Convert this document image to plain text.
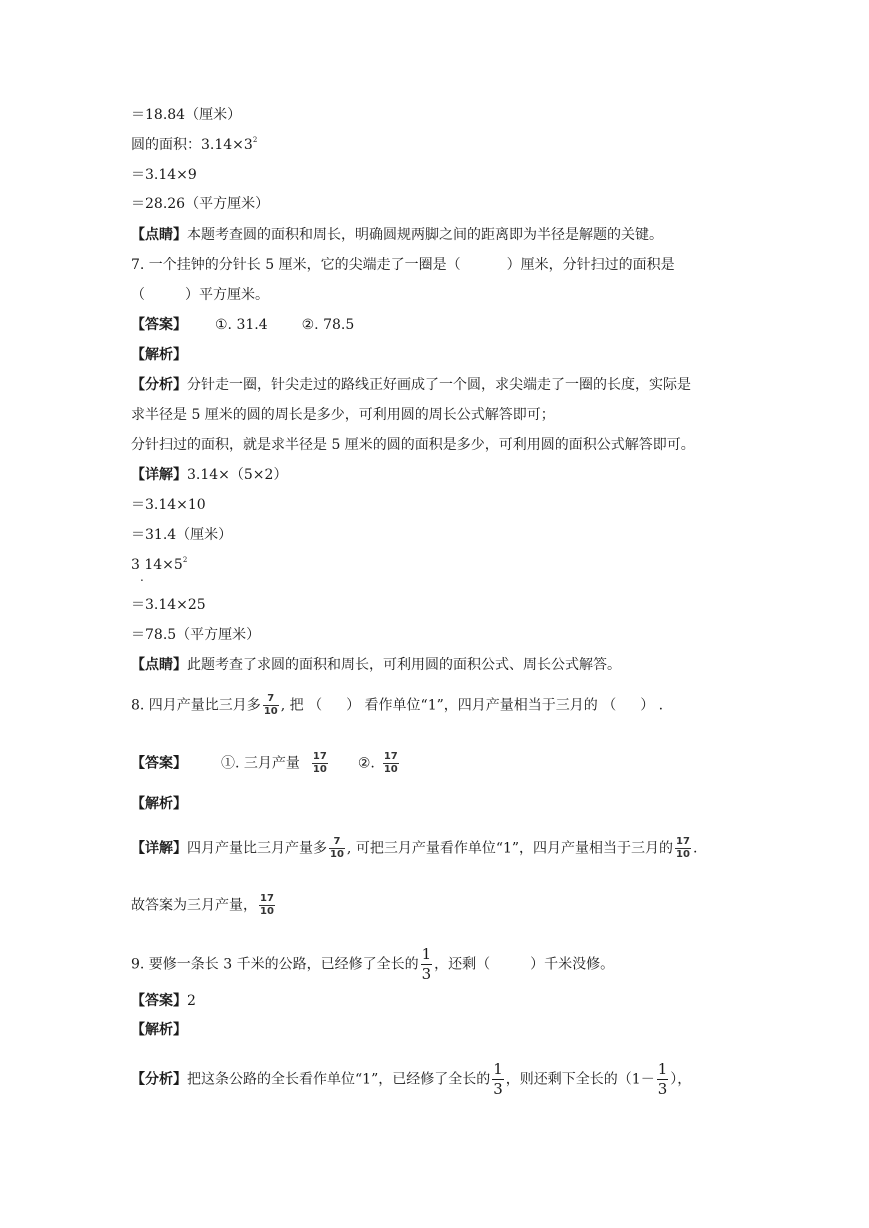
＝18.84（厘米）
圆的面积：$3.14\times 3^2$
＝3.14×9
＝28.26（平方厘米）
【点睛】本题考查圆的面积和周长，明确圆规两脚之间的距离即为半径是解题的关键。
7. 一个挂钟的分针长 5 厘米，它的尖端走了一圈是（	）厘米，分针扫过的面积是
（	）平方厘米。
【答案】 ①. 31.4 ②. 78.5
【解析】
【分析】分针走一圈，针尖走过的路线正好画成了一个圆，求尖端走了一圈的长度，实际是
求半径是 5 厘米的圆的周长是多少，可利用圆的周长公式解答即可；
分针扫过的面积，就是求半径是 5 厘米的圆的面积是多少，可利用圆的面积公式解答即可。
【详解】3.14×（5×2）
＝3.14×10
＝31.4（厘米）
3 $14\times 5^2$
.
＝3.14×25
＝78.5（平方厘米）
【点睛】此题考查了求圆的面积和周长，可利用圆的面积公式、周长公式解答。
8. 四月产量比三月多 $\frac{7}{10}$ , 把 （ ） 看作单位“1”，四月产量相当于三月的 （ ） .
【答案】 ①. 三月产量 $\frac{17}{10}$ ②. $\frac{17}{10}$
【解析】
【详解】四月产量比三月产量多 $\frac{7}{10}$ , 可把三月产量看作单位“1”，四月产量相当于三月的 $\frac{17}{10}$ .
故答案为三月产量， $\frac{17}{10}$
9. 要修一条长 3 千米的公路，已经修了全长的 $\frac{1}{3}$ ，还剩（	）千米没修。
【答案】2
【解析】
【分析】把这条公路的全长看作单位“1”，已经修了全长的 $\frac{1}{3}$ ，则还剩下全长的（$1- \frac{1}{3}$ ），
